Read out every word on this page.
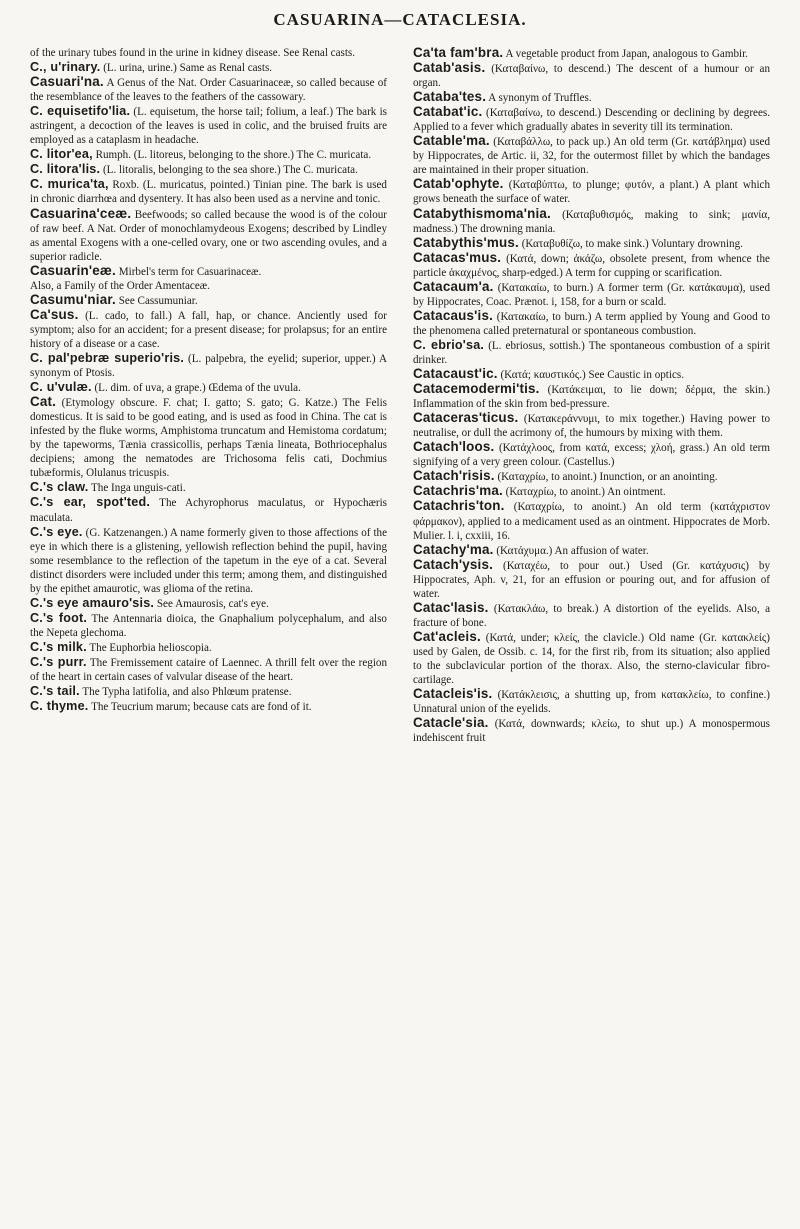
CASUARINA—CATACLESIA.

of the urinary tubes found in the urine in kidney disease. See Renal casts.

C., u'rinary. (L. urina, urine.) Same as Renal casts.

Casuari'na. A Genus of the Nat. Order Casuarinaceæ, so called because of the resemblance of the leaves to the feathers of the cassowary.

C. equisetifo'lia. (L. equisetum, the horse tail; folium, a leaf.) The bark is astringent, a decoction of the leaves is used in colic, and the bruised fruits are employed as a cataplasm in headache.

C. litor'ea, Rumph. (L. litoreus, belonging to the shore.) The C. muricata.

C. litora'lis. (L. litoralis, belonging to the sea shore.) The C. muricata.

C. murica'ta, Roxb. (L. muricatus, pointed.) Tinian pine. The bark is used in chronic diarrhœa and dysentery. It has also been used as a nervine and tonic.

Casuarina'ceæ. Beefwoods; so called because the wood is of the colour of raw beef. A Nat. Order of monochlamydeous Exogens; described by Lindley as amental Exogens with a one-celled ovary, one or two ascending ovules, and a superior radicle.

Casuarin'eæ. Mirbel's term for Casuarinaceæ.

Also, a Family of the Order Amentaceæ.

Casumu'niar. See Cassumuniar.

Ca'sus. (L. cado, to fall.) A fall, hap, or chance. Anciently used for symptom; also for an accident; for a present disease; for prolapsus; for an entire history of a disease or a case.

C. pal'pebræ superio'ris. (L. palpebra, the eyelid; superior, upper.) A synonym of Ptosis.

C. u'vulæ. (L. dim. of uva, a grape.) Œdema of the uvula.

Cat. (Etymology obscure. F. chat; I. gatto; S. gato; G. Katze.) The Felis domesticus. It is said to be good eating, and is used as food in China. The cat is infested by the fluke worms, Amphistoma truncatum and Hemistoma cordatum; by the tapeworms, Tænia crassicollis, perhaps Tænia lineata, Bothriocephalus decipiens; among the nematodes are Trichosoma felis cati, Dochmius tubæformis, Olulanus tricuspis.

C.'s claw. The Inga unguis-cati.

C.'s ear, spot'ted. The Achyrophorus maculatus, or Hypochæris maculata.

C.'s eye. (G. Katzenangen.) A name formerly given to those affections of the eye in which there is a glistening, yellowish reflection behind the pupil, having some resemblance to the reflection of the tapetum in the eye of a cat. Several distinct disorders were included under this term; among them, and distinguished by the epithet amaurotic, was glioma of the retina.

C.'s eye amauro'sis. See Amaurosis, cat's eye.

C.'s foot. The Antennaria dioica, the Gnaphalium polycephalum, and also the Nepeta glechoma.

C.'s milk. The Euphorbia helioscopia.

C.'s purr. The Fremissement cataire of Laennec. A thrill felt over the region of the heart in certain cases of valvular disease of the heart.

C.'s tail. The Typha latifolia, and also Phlœum pratense.

C. thyme. The Teucrium marum; because cats are fond of it.

Ca'ta fam'bra. A vegetable product from Japan, analogous to Gambir.

Catab'asis. (Καταβαίνω, to descend.) The descent of a humour or an organ.

Cataba'tes. A synonym of Truffles.

Catabat'ic. (Καταβαίνω, to descend.) Descending or declining by degrees. Applied to a fever which gradually abates in severity till its termination.

Catable'ma. (Καταβάλλω, to pack up.) An old term (Gr. κατάβλημα) used by Hippocrates, de Artic. ii, 32, for the outermost fillet by which the bandages are maintained in their proper situation.

Catab'ophyte. (Καταβύπτω, to plunge; φυτόν, a plant.) A plant which grows beneath the surface of water.

Catabythismoma'nia. (Καταβυθισμός, making to sink; μανία, madness.) The drowning mania.

Catabythis'mus. (Καταβυθίζω, to make sink.) Voluntary drowning.

Catacas'mus. (Κατά, down; ἀκάζω, obsolete present, from whence the particle ἀκαχμένος, sharp-edged.) A term for cupping or scarification.

Catacaum'a. (Κατακαίω, to burn.) A former term (Gr. κατάκαυμα), used by Hippocrates, Coac. Prænot. i, 158, for a burn or scald.

Catacaus'is. (Κατακαίω, to burn.) A term applied by Young and Good to the phenomena called preternatural or spontaneous combustion.

C. ebrio'sa. (L. ebriosus, sottish.) The spontaneous combustion of a spirit drinker.

Catacaust'ic. (Κατά; καυστικός.) See Caustic in optics.

Catacemodermi'tis. (Κατάκειμαι, to lie down; δέρμα, the skin.) Inflammation of the skin from bed-pressure.

Cataceras'ticus. (Κατακεράννυμι, to mix together.) Having power to neutralise, or dull the acrimony of, the humours by mixing with them.

Catach'loos. (Κατάχλοος, from κατά, excess; χλοή, grass.) An old term signifying of a very green colour. (Castellus.)

Catach'risis. (Καταχρίω, to anoint.) Inunction, or an anointing.

Catachris'ma. (Καταχρίω, to anoint.) An ointment.

Catachris'ton. (Καταχρίω, to anoint.) An old term (κατάχριστον φάρμακον), applied to a medicament used as an ointment. Hippocrates de Morb. Mulier. l. i, cxxiii, 16.

Catachy'ma. (Κατάχυμα.) An affusion of water.

Catach'ysis. (Καταχέω, to pour out.) Used (Gr. κατάχυσις) by Hippocrates, Aph. v, 21, for an effusion or pouring out, and for affusion of water.

Catac'lasis. (Κατακλάω, to break.) A distortion of the eyelids. Also, a fracture of bone.

Cat'acleis. (Κατά, under; κλείς, the clavicle.) Old name (Gr. κατακλείς) used by Galen, de Ossib. c. 14, for the first rib, from its situation; also applied to the subclavicular portion of the thorax. Also, the sterno-clavicular fibro-cartilage.

Catacleis'is. (Κατάκλεισις, a shutting up, from κατακλείω, to confine.) Unnatural union of the eyelids.

Catacle'sia. (Κατά, downwards; κλείω, to shut up.) A monospermous indehiscent fruit
